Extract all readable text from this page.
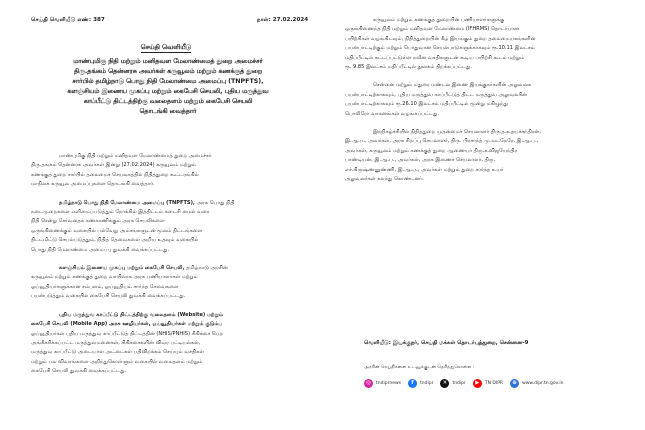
செய்தி வெளியீடு எண்: 387	நாள்: 27.02.2024
செய்தி வெளியீடு
மாண்புமிகு நிதி மற்றும் மனிதவள மேலாண்மைத் துறை அமைச்சர்
திரு.தங்கம் தென்னரசு அவர்கள் கருவூலம் மற்றும் கணக்குத் துறை
சார்பில் தமிழ்நாடு பொது நிதி மேலாண்மை அமைப்பு (TNPFTS),
களஞ்சியம் இணைய முகப்பு மற்றும் கைபேசி செயலி, புதிய மருத்துவ
காப்பீட்டு திட்டத்திற்கு வலைதளம் மற்றும் கைபேசி செயலி
தொடங்கி வைத்தார்

மாண்புமிகு நிதி மற்றும் மனிதவள மேலாண்மைத் துறை அமைச்சர்
திரு.தங்கம் தென்னரசு அவர்கள் இன்று (27.02.2024) கருவூலம் மற்றும்
கணக்குத் துறை சார்பில் தலைமைச் செயலகத்தில் நிதித்துறை கூட்டரங்கில்
மாநிலக் கருவூல அமைப்புகளை தொடங்கி வைத்தார்.

தமிழ்நாடு பொது நிதி மேலாண்மை அமைப்பு (TNPFTS), அரசு பொது நிதி
நடைமுறைகளை எளிமைப்படுத்தும் நோக்கில் இத்திட்டம் கடைசி மைல் வரை
நிதி சென்று சேர்வதைக் கண்காணிக்கும் அரசு செயலிகளை
ஒருங்கிணைக்கும் வகையில் பல்வேறு அம்சங்களுடன் மூலம் திட்டங்களை
திட்டமிட்டு செயல்படுத்தும், நிதித் தேவைகளை அறிய உதவும் வகையில்
பொது நிதி மேலாண்மை அமைப்பு துவக்கி வைக்கப்பட்டது.

களஞ்சியம் இணைய முகப்பு மற்றும் கைபேசி செயலி, தமிழ்நாடு அரசின்
கருவூலம் மற்றும் கணக்குத் துறை வாயிலாக அரசு பணியாளர்கள் மற்றும்
ஓய்வூதியர்களுக்கான சம்பளம், ஓய்வூதியம் சார்ந்த சேவைகளை
பயன்படுத்தும் வகையில் கைபேசி செயலி துவக்கி வைக்கப்பட்டது.

புதிய மருத்துவ காப்பீட்டு திட்டத்திற்கு வலைதளம் (Website) மற்றும்
கைபேசி செயலி (Mobile App) அரசு ஊழியர்கள், ஓய்வூதியர்கள் மற்றும் குடும்ப
ஓய்வூதியர்கள் புதிய மருத்துவ காப்பீட்டுத் திட்டத்தின் (NHIS/PNHIS) சிகிச்சை பெற
அங்கீகரிக்கப்பட்ட மருத்துவமனைகள், சிகிச்சைகளின் விவர பட்டியல்கள்,
மருத்துவ காப்பீட்டு அடையாள அட்டைகள் பதிவிறக்கம் செய்யும் வசதிகள்
மற்றும் பல விவரங்களை அறிந்துகொள்ளும் வகையில் வலைதளம் மற்றும்
கைபேசி செயலி துவக்கி வைக்கப்பட்டது.

கருவூலம் மற்றும் கணக்குத் துறையின் பணியாளர்களுக்கு
ஒருங்கிணைந்த நிதி மற்றும் மனிதவள மேலாண்மை (IFHRMS) தொடர்பான
பயிற்சிகள் வழங்கிடவும், நிதித்துறையின் கீழ் இயங்கும் துறை தலைமையகங்களின்
பயன்பாட்டிற்கும் மற்றும் பொதுவான செயல்பாடுகளுக்காகவும் ரூ.10.11 இலட்சம்
மதிப்பீட்டில் கட்டப்பட்டுள்ள நவீன வசதிகளுடன் கூடிய பயிற்சி கூடம் மற்றும்
ரூ. 9.85 இலட்சம் மதிப்பீட்டில் நூலகம் திறக்கப்பட்டது.

சென்னை மற்றும் மதுரை மண்டல இணை இயக்குநர்களின் அலுவலக
பயன்பாட்டிற்காகவும், புதிய மருத்துவ காப்பீட்டுத் திட்ட மருத்துவ அலுவலரின்
பயன்பாட்டிற்காகவும் ரூ.26.10 இலட்சம் மதிப்பீட்டில் மூன்று மகிழுந்து
பொலிரோ வாகனங்கள் வழங்கப்பட்டது.

இந்நிகழ்ச்சியில் நிதித்துறை முதன்மைச் செயலாளர் திரு.த.உதயச்சந்திரன்,
இ.ஆ.ப., அவர்கள், அரசு சிறப்பு செயலாளர், திரு. பிரசாந்த் மு.வடநேரே, இ.ஆ.ப.,
அவர்கள், கருவூலம் மற்றும் கணக்குத் துறை ஆணையர் திரு.க.விஜயேந்திர
பாண்டியன், இ.ஆ.ப., அவர்கள், அரசு இணைச் செயலாளர், திரு.
எச்.கிருஷ்ணனுண்ணி, இ.ஆ.ப., அவர்கள் மற்றும் துறை சார்ந்த உயர்
அலுவலர்கள் கலந்து கொண்டனர்.

வெளியீடு: இயக்குநர், செய்தி மக்கள் தொடர்புத்துறை, சென்னை-9
அரசின் செய்திகளை உடனுக்குடன் தெரிந்துகொள்ள :
◎	tndiprnews	f	tndipr	✕	tndipr	▶	TN DIPR	⊕	www.dipr.tn.gov.in
